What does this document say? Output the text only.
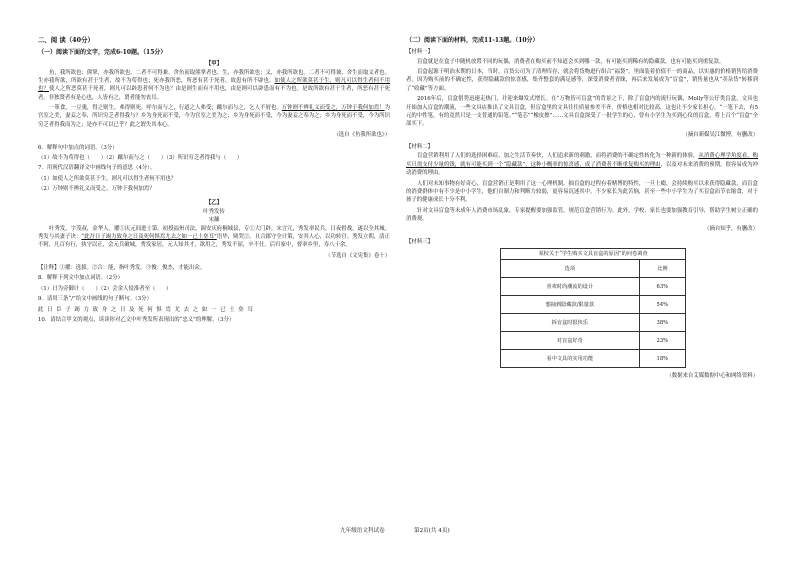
二、阅 读（40分）
（一）阅读下面的文字，完成6-10题。（15分）
【甲】
鱼，我所欲也；熊掌，亦我所欲也。二者不可得兼，舍鱼而取熊掌者也。生，亦我所欲也；义，亦我所欲也。二者不可得兼，舍生而取义者也。生亦我所欲，所欲有甚于生者，故不为苟得也；死亦我所恶，所恶有甚于死者，故患有所不辟也。如使人之所欲莫甚于生，则凡可以得生者何不用也？使人之所恶莫甚于死者，则凡可以辟患者何不为也？由是则生而有不用也，由是则可以辟患而有不为也。是故所欲有甚于生者，所恶有甚于死者。非独贤者有是心也，人皆有之，贤者能勿丧耳。
一箪食，一豆羹，得之则生，弗得则死。呼尔而与之，行道之人弗受；蹴尔而与之，乞人不屑也。万钟则不辨礼义而受之，万钟于我何加焉！为宫室之美，妻妾之奉，所识穷乏者得我与？乡为身死而不受，今为宫室之美为之；乡为身死而不受，今为妻妾之奉为之；乡为身死而不受，今为所识穷乏者得我而为之；是亦不可以已乎？此之谓失其本心。
（选自《鱼我所欲也》）
6．解释句中加点的词语。（3分）
（1）故不为苟得也（　　）（2）蹴尔而与之（　　）（3）所识穷乏者得我与（　　）
7．用现代汉语翻译文中画线句子的意思（4分）。
（1）如使人之所欲莫甚于生，则凡可以得生者何不用也？
（2）万钟则不辨礼义而受之，万钟于我何加焉？
【乙】
叶秀发传
宋濂
叶秀发，字茂叔，金华人。擢①庆元间进士第。初授福州司法，调安庆府桐城县，专①大门辟。宋言冗，秀发率民兵，日夜督战，遂以全其城。秀发与其妻子诀：“此吾日子竭力致身之日及死何惧焉尤去之如一已土垒耳”语毕，恸哭②。且合郡守全计策，安其人心，以功转官。秀发立朝，清正不阿，凡百有行，执守以正，会元兵破城，秀发家居，元人知其才，欲用之，秀发不屈，卒不仕。后归家中，督率乡里，寿八十余。
（节选自《文宪集》卷十）
【注释】①擢：选拔。②合：能，指叶秀发。③俊：俊杰，才能出众。
8．解释下列文中加点词语。（2分）
（1）日为旁御计（　　）（2）会金人侵淮者至（　　）
9．请用三条“/”给文中画线的句子断句。（3分）
此 日 臣 子 竭 力 致 身 之 日 及 死 何 惧 焉 尤 去 之 如 一 已 土 垒 耳
10．请结合甲文的观点，谈谈你对乙文中叶秀发所表现出的“忠义”的理解。（3分）
（二）阅读下面的材料，完成11-13题。（10分）
【材料一】
盲盒就是在盒子中随机放置不同的玩偶，消费者在购买前不知道会买到哪一款，有可能买到稀有的隐藏款，也有可能买到重复款。
盲盒起源于明治末期的日本，当时，百货公司为了清理库存，就会将货物进行组合“福袋”，里面装着价值不一的商品，以实惠的价格销售给消费者。因为购买前的不确定性，获得隐藏款的惊喜感，集齐整套的满足感等，深受消费者青睐，再后来发展成为“盲盒”，销售量也从“卖杂货”转移到了“收藏”等方面。
2016年后，盲盒借势迅速走热门，并迎来爆发式增长。在“万物皆可盲盒”的背景之下，除了盲盒内的流行玩偶，Molly等公仔类盲盒，文具也开始加入盲盒的潮流，一些文具店推出了文具盲盒，但盲盒里的文具往往质量参差不齐，价格也相对比较高，这也让不少家长担心。“一笔下去，有5元的中性笔，有的竟然只是一支普通的铅笔。”“笔芯”“橡皮擦”……文具盲盒深受了一批学生的心，曾有小学生为买到心仪的盲盒，将上百个“盲盒”全部买下。
（摘自新媒吴江微博，有删改）
【材料二】
盲盒营销利用了人们的选择困难症，加之生活节奏快，人们追求新的刺激，而将消费的不确定性转化为一种新的体验，从消费心理学角度看，购买只需支付少量的钱，就有可能买到一个“隐藏款”，这种小概率的惊喜感，成了消费者不断重复购买的理由，以及对未来消费的预期，很容易成为冲动消费的理由。
人们对未知事物有好奇心，盲盒营销正是利用了这一心理机制，抽盲盒的过程有着赌博的特性，一旦上瘾，会持续购买以求获得隐藏款，而盲盒的消费群体中有不少是中小学生，他们自制力和判断力较弱，更容易沉迷其中，不少家长为此苦恼，甚至一些中小学生为了买盲盒而节衣缩食，对于孩子的健康成长十分不利。
针对文具盲盒等未成年人消费市场乱象，专家提醒要加强监管，规范盲盒营销行为。此外，学校、家长也要加强教育引导，帮助学生树立正确的消费观。
（摘自知乎，有删改）
【材料三】
某校关于“学生购买文具盲盒的原因”的问卷调查
选项	比例
喜欢时尚潮流的设计	63%
想抽到隐藏款/限量款	54%
拆盲盒时很快乐	38%
对盲盒好奇	23%
看中文具的实用功能	18%
（数据来自艾媒数据中心和网络资料）
九年级语文科试卷	第2页(共 4页)
